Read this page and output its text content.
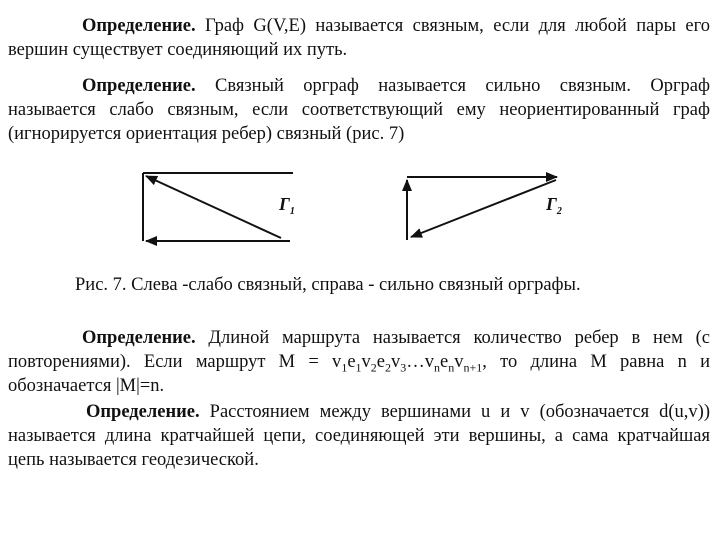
Определение. Граф G(V,E) называется связным, если для любой пары его вершин существует соединяющий их путь.

Определение. Связный орграф называется сильно связным. Орграф называется слабо связным, если соответствующий ему неориентированный граф (игнорируется ориентация ребер) связный (рис. 7)

$Г_1$	$Г_2$
Рис. 7. Слева -слабо связный, справа - сильно связный орграфы.

Определение. Длиной маршрута называется количество ребер в нем (с повторениями). Если маршрут $M = v_1e_1v_2e_2v_3\dots v_ne_nv_{n+1}$, то длина M равна n и обозначается |M|=n.

Определение. Расстоянием между вершинами u и v (обозначается d(u,v)) называется длина кратчайшей цепи, соединяющей эти вершины, а сама кратчайшая цепь называется геодезической.
